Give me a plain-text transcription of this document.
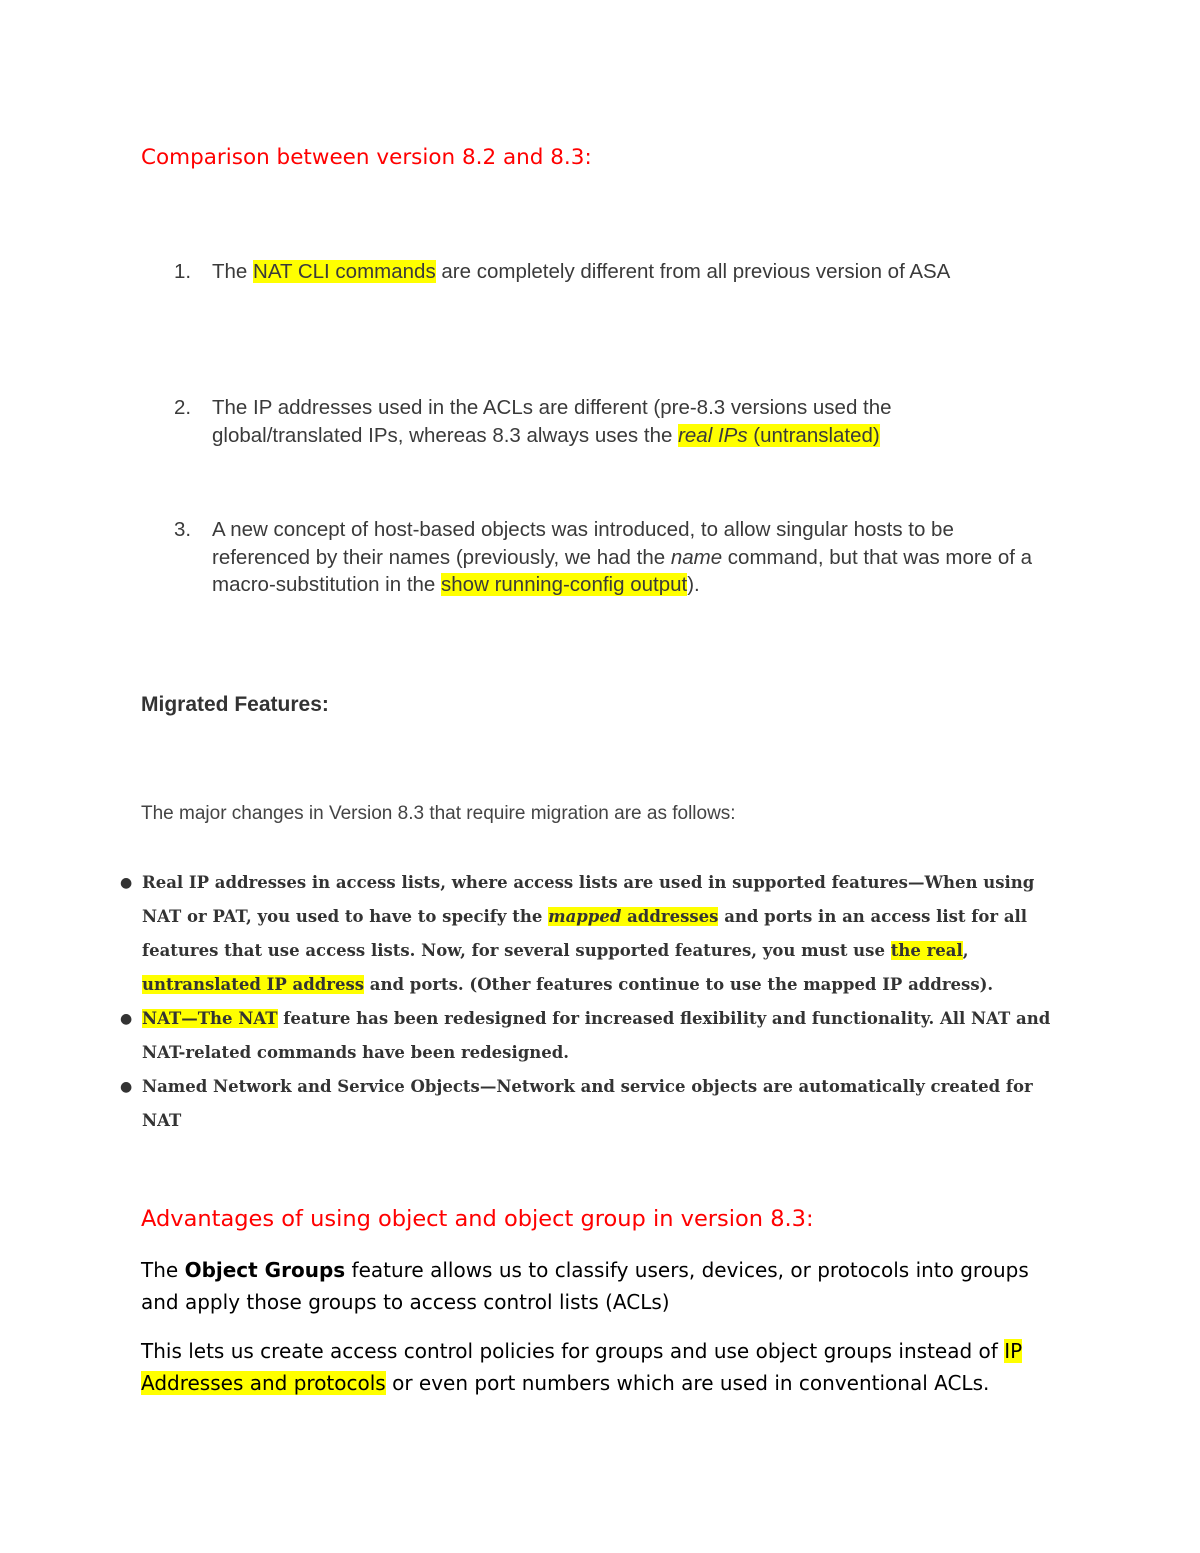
Comparison between version 8.2 and 8.3:
1. The NAT CLI commands are completely different from all previous version of ASA
2. The IP addresses used in the ACLs are different (pre-8.3 versions used the global/translated IPs, whereas 8.3 always uses the real IPs (untranslated)
3. A new concept of host-based objects was introduced, to allow singular hosts to be referenced by their names (previously, we had the name command, but that was more of a macro-substitution in the show running-config output).
Migrated Features:

The major changes in Version 8.3 that require migration are as follows:

● Real IP addresses in access lists, where access lists are used in supported features—When using NAT or PAT, you used to have to specify the mapped addresses and ports in an access list for all features that use access lists. Now, for several supported features, you must use the real, untranslated IP address and ports. (Other features continue to use the mapped IP address).
● NAT—The NAT feature has been redesigned for increased flexibility and functionality. All NAT and NAT-related commands have been redesigned.
● Named Network and Service Objects—Network and service objects are automatically created for NAT
Advantages of using object and object group in version 8.3:

The Object Groups feature allows us to classify users, devices, or protocols into groups and apply those groups to access control lists (ACLs)

This lets us create access control policies for groups and use object groups instead of IP Addresses and protocols or even port numbers which are used in conventional ACLs.
